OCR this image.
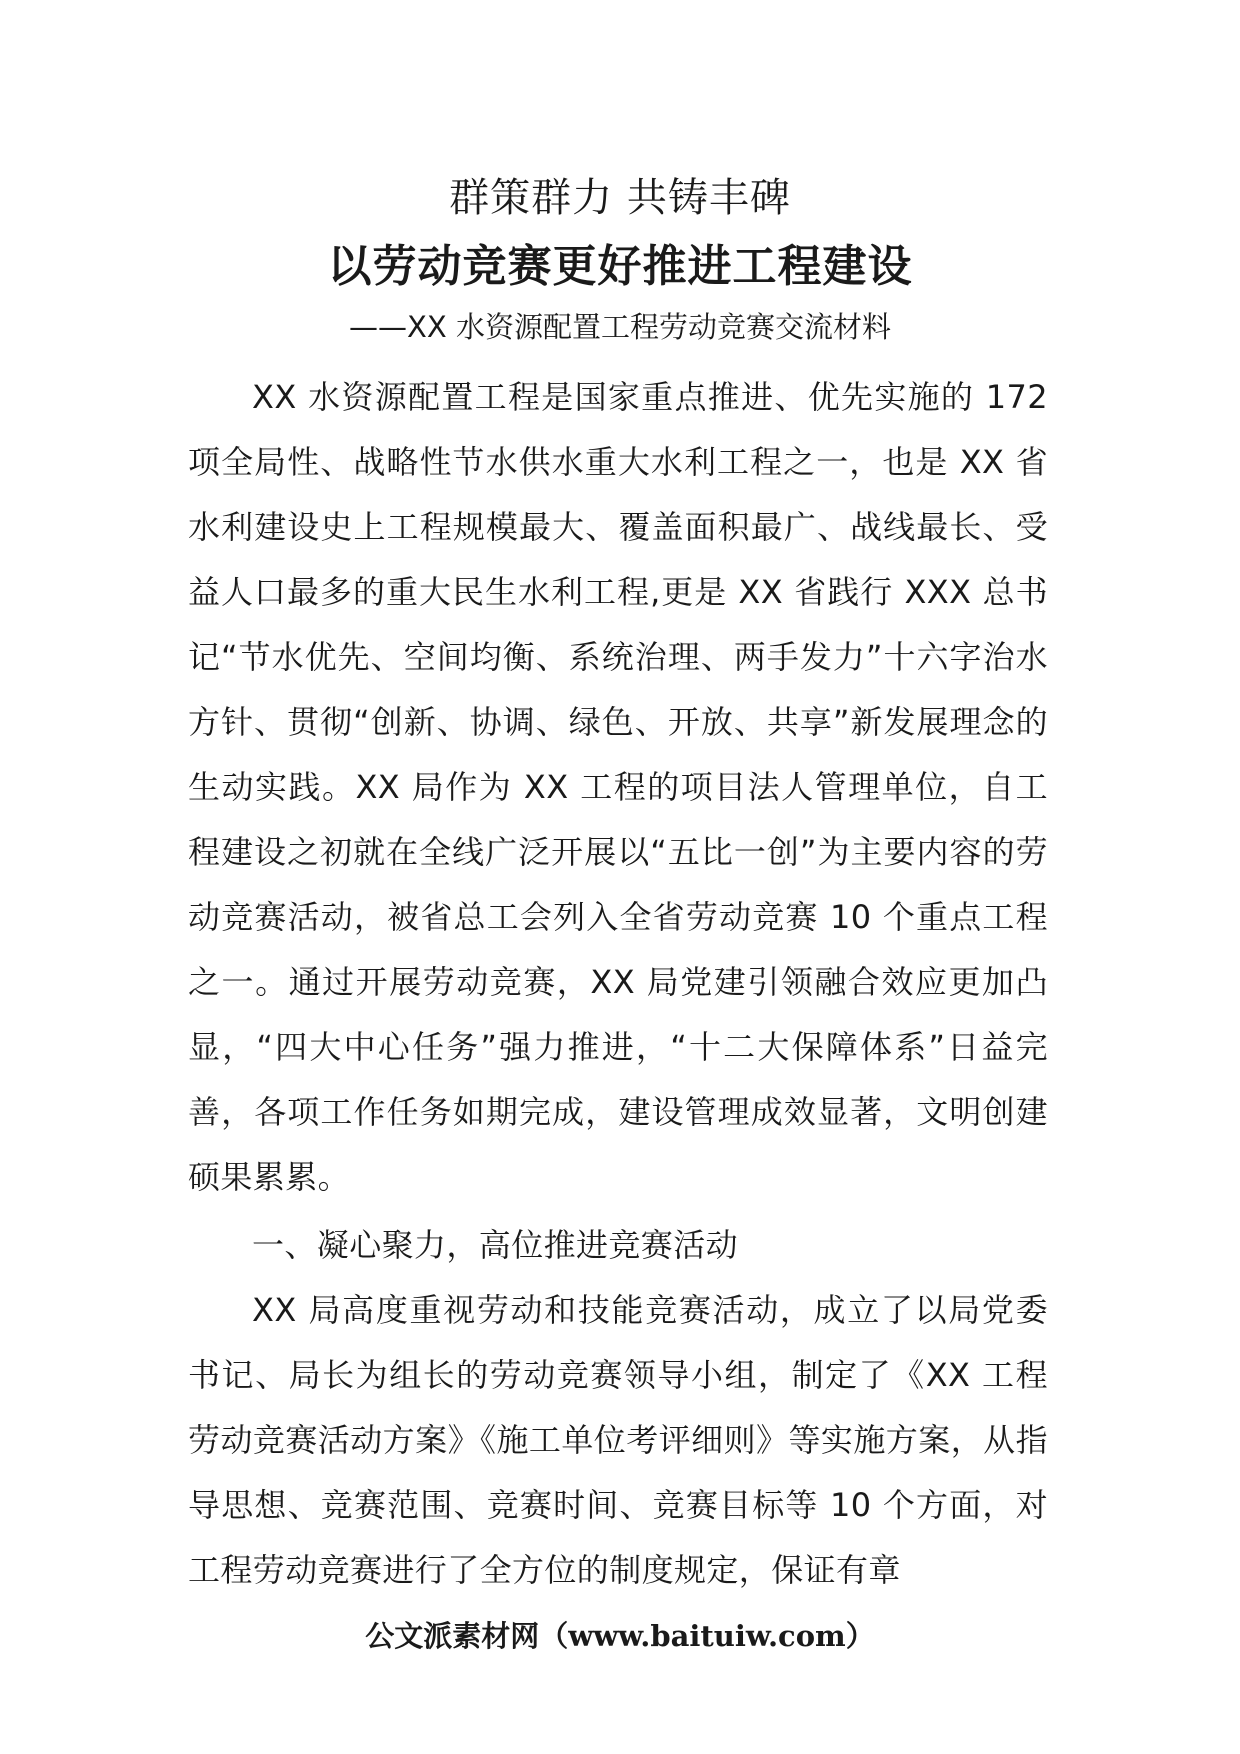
群策群力 共铸丰碑
以劳动竞赛更好推进工程建设
——XX 水资源配置工程劳动竞赛交流材料

XX 水资源配置工程是国家重点推进、优先实施的 172 项全局性、战略性节水供水重大水利工程之一，也是 XX 省水利建设史上工程规模最大、覆盖面积最广、战线最长、受益人口最多的重大民生水利工程,更是 XX 省践行 XXX 总书记“节水优先、空间均衡、系统治理、两手发力”十六字治水方针、贯彻“创新、协调、绿色、开放、共享”新发展理念的生动实践。XX 局作为 XX 工程的项目法人管理单位，自工程建设之初就在全线广泛开展以“五比一创”为主要内容的劳动竞赛活动，被省总工会列入全省劳动竞赛 10 个重点工程之一。通过开展劳动竞赛，XX 局党建引领融合效应更加凸显，“四大中心任务”强力推进，“十二大保障体系”日益完善，各项工作任务如期完成，建设管理成效显著，文明创建硕果累累。

一、凝心聚力，高位推进竞赛活动

XX 局高度重视劳动和技能竞赛活动，成立了以局党委书记、局长为组长的劳动竞赛领导小组，制定了《XX 工程劳动竞赛活动方案》《施工单位考评细则》等实施方案，从指导思想、竞赛范围、竞赛时间、竞赛目标等 10 个方面，对工程劳动竞赛进行了全方位的制度规定，保证有章

公文派素材网（www.baituiw.com）
